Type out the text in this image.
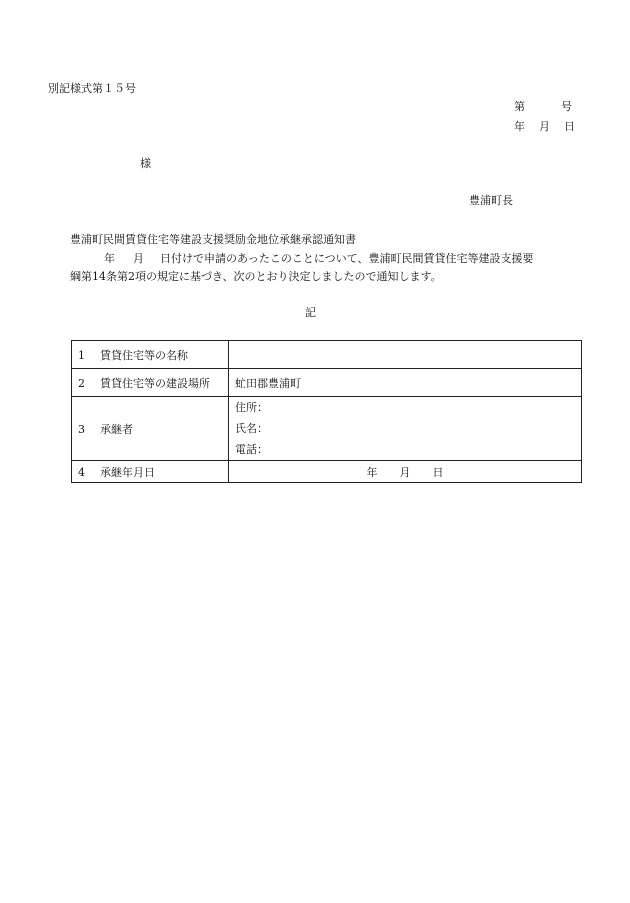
別記様式第１５号
第	号
年 月 日
様
豊浦町長
豊浦町民間賃貸住宅等建設支援奨励金地位承継承認通知書
年 月 日付けで申請のあったこのことについて、豊浦町民間賃貸住宅等建設支援要綱第14条第2項の規定に基づき、次のとおり決定しましたので通知します。
記
1 賃貸住宅等の名称	
2 賃貸住宅等の建設場所	虻田郡豊浦町
3 承継者	住所：
氏名：
電話：

4 承継年月日	年 月 日
